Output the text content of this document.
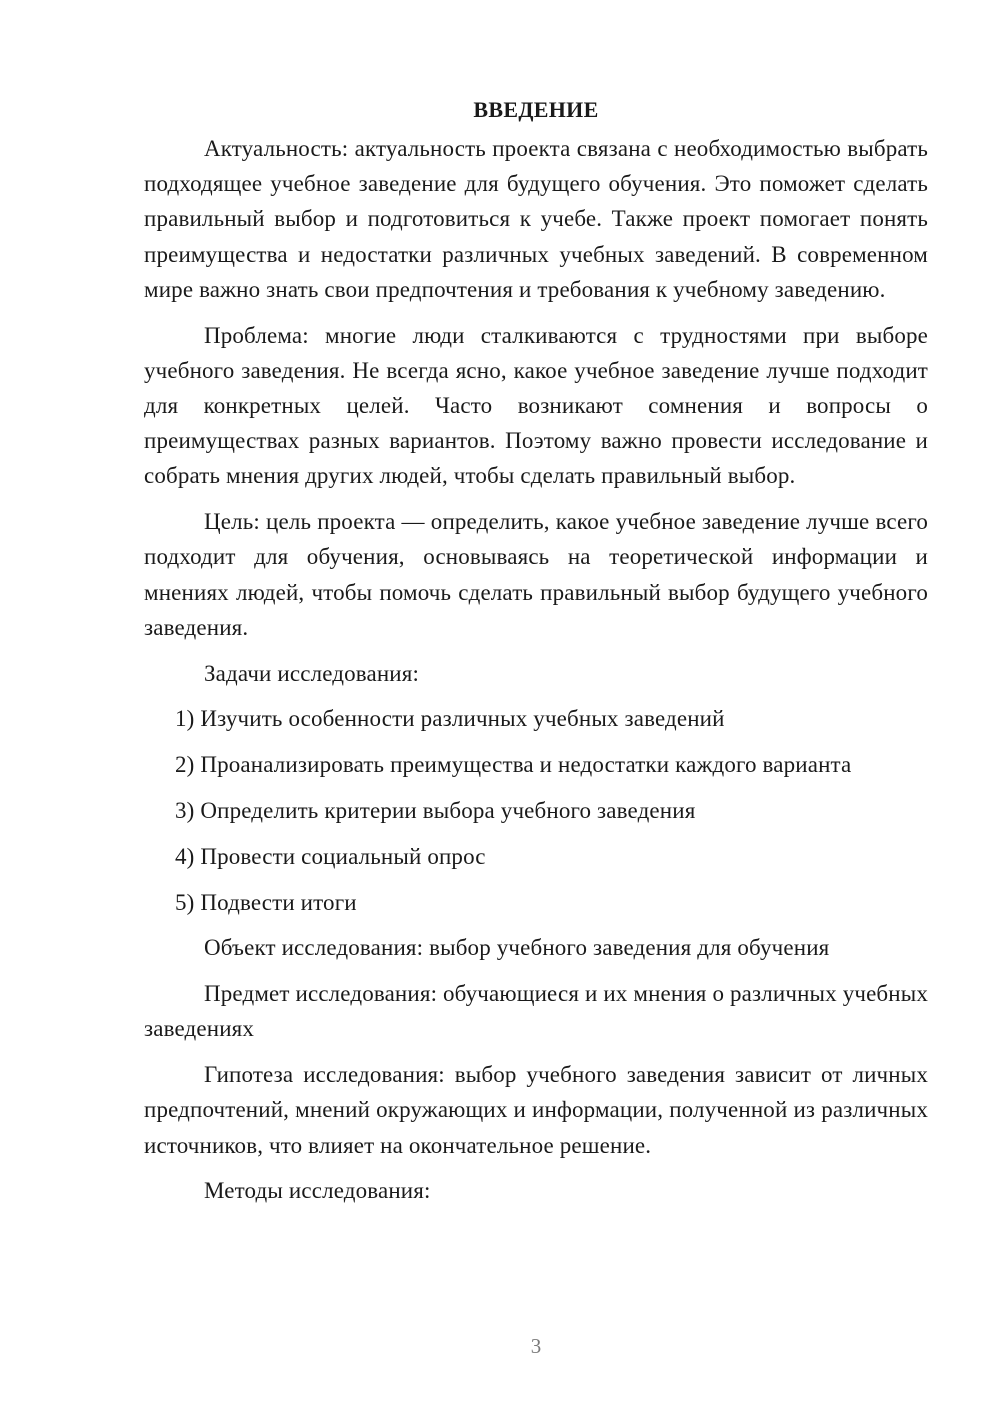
ВВЕДЕНИЕ

Актуальность: актуальность проекта связана с необходимостью выбрать подходящее учебное заведение для будущего обучения. Это поможет сделать правильный выбор и подготовиться к учебе. Также проект помогает понять преимущества и недостатки различных учебных заведений. В современном мире важно знать свои предпочтения и требования к учебному заведению.

Проблема: многие люди сталкиваются с трудностями при выборе учебного заведения. Не всегда ясно, какое учебное заведение лучше подходит для конкретных целей. Часто возникают сомнения и вопросы о преимуществах разных вариантов. Поэтому важно провести исследование и собрать мнения других людей, чтобы сделать правильный выбор.

Цель: цель проекта — определить, какое учебное заведение лучше всего подходит для обучения, основываясь на теоретической информации и мнениях людей, чтобы помочь сделать правильный выбор будущего учебного заведения.

Задачи исследования:

1) Изучить особенности различных учебных заведений

2) Проанализировать преимущества и недостатки каждого варианта

3) Определить критерии выбора учебного заведения

4) Провести социальный опрос

5) Подвести итоги

Объект исследования: выбор учебного заведения для обучения

Предмет исследования: обучающиеся и их мнения о различных учебных заведениях

Гипотеза исследования: выбор учебного заведения зависит от личных предпочтений, мнений окружающих и информации, полученной из различных источников, что влияет на окончательное решение.

Методы исследования:

3
